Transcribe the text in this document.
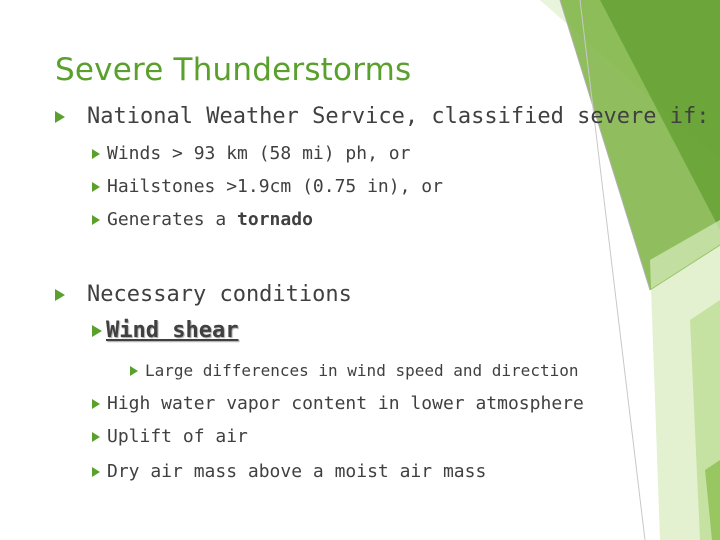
Severe Thunderstorms
National Weather Service, classified severe if:
Winds > 93 km (58 mi) ph, or
Hailstones >1.9cm (0.75 in), or
Generates a tornado
Necessary conditions
Wind shear
Large differences in wind speed and direction
High water vapor content in lower atmosphere
Uplift of air
Dry air mass above a moist air mass
